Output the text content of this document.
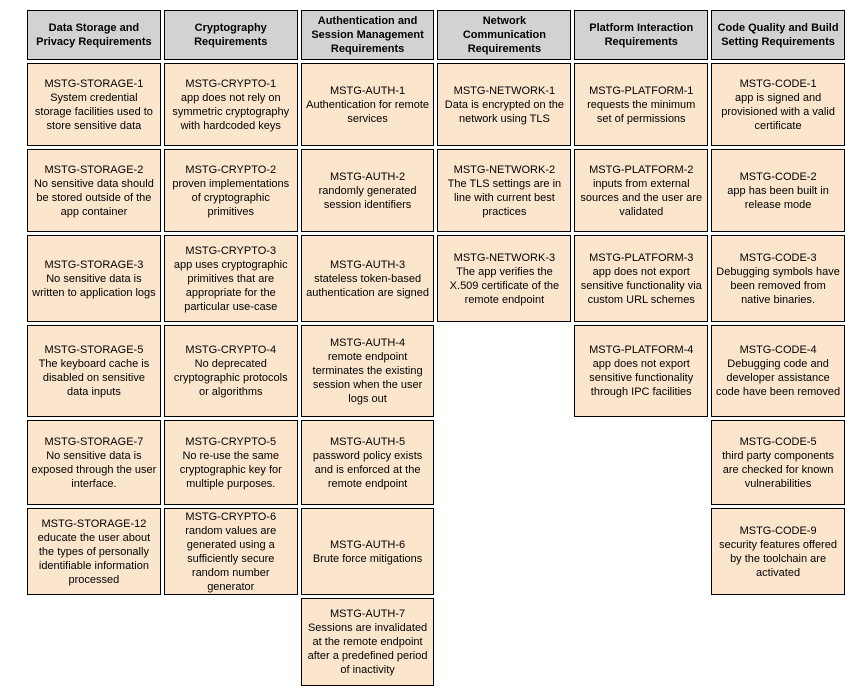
Data Storage and Privacy Requirements
MSTG-STORAGE-1
System credential storage facilities used to store sensitive data
MSTG-STORAGE-2
No sensitive data should be stored outside of the app container
MSTG-STORAGE-3
No sensitive data is written to application logs
MSTG-STORAGE-5
The keyboard cache is disabled on sensitive data inputs
MSTG-STORAGE-7
No sensitive data is exposed through the user interface.
MSTG-STORAGE-12
educate the user about the types of personally identifiable information processed
Cryptography Requirements
MSTG-CRYPTO-1
app does not rely on symmetric cryptography with hardcoded keys
MSTG-CRYPTO-2
proven implementations of cryptographic primitives
MSTG-CRYPTO-3
app uses cryptographic primitives that are appropriate for the particular use-case
MSTG-CRYPTO-4
No deprecated cryptographic protocols or algorithms
MSTG-CRYPTO-5
No re-use the same cryptographic key for multiple purposes.
MSTG-CRYPTO-6
random values are generated using a sufficiently secure random number generator
Authentication and Session Management Requirements
MSTG-AUTH-1
Authentication for remote services
MSTG-AUTH-2
randomly generated session identifiers
MSTG-AUTH-3
stateless token-based authentication are signed
MSTG-AUTH-4
remote endpoint terminates the existing session when the user logs out
MSTG-AUTH-5
password policy exists and is enforced at the remote endpoint
MSTG-AUTH-6
Brute force mitigations
MSTG-AUTH-7
Sessions are invalidated at the remote endpoint after a predefined period of inactivity
Network Communication Requirements
MSTG-NETWORK-1
Data is encrypted on the network using TLS
MSTG-NETWORK-2
The TLS settings are in line with current best practices
MSTG-NETWORK-3
The app verifies the X.509 certificate of the remote endpoint
Platform Interaction Requirements
MSTG-PLATFORM-1
requests the minimum set of permissions
MSTG-PLATFORM-2
inputs from external sources and the user are validated
MSTG-PLATFORM-3
app does not export sensitive functionality via custom URL schemes
MSTG-PLATFORM-4
app does not export sensitive functionality through IPC facilities
Code Quality and Build Setting Requirements
MSTG-CODE-1
app is signed and provisioned with a valid certificate
MSTG-CODE-2
app has been built in release mode
MSTG-CODE-3
Debugging symbols have been removed from native binaries.
MSTG-CODE-4
Debugging code and developer assistance code have been removed
MSTG-CODE-5
third party components are checked for known vulnerabilities
MSTG-CODE-9
security features offered by the toolchain are activated
